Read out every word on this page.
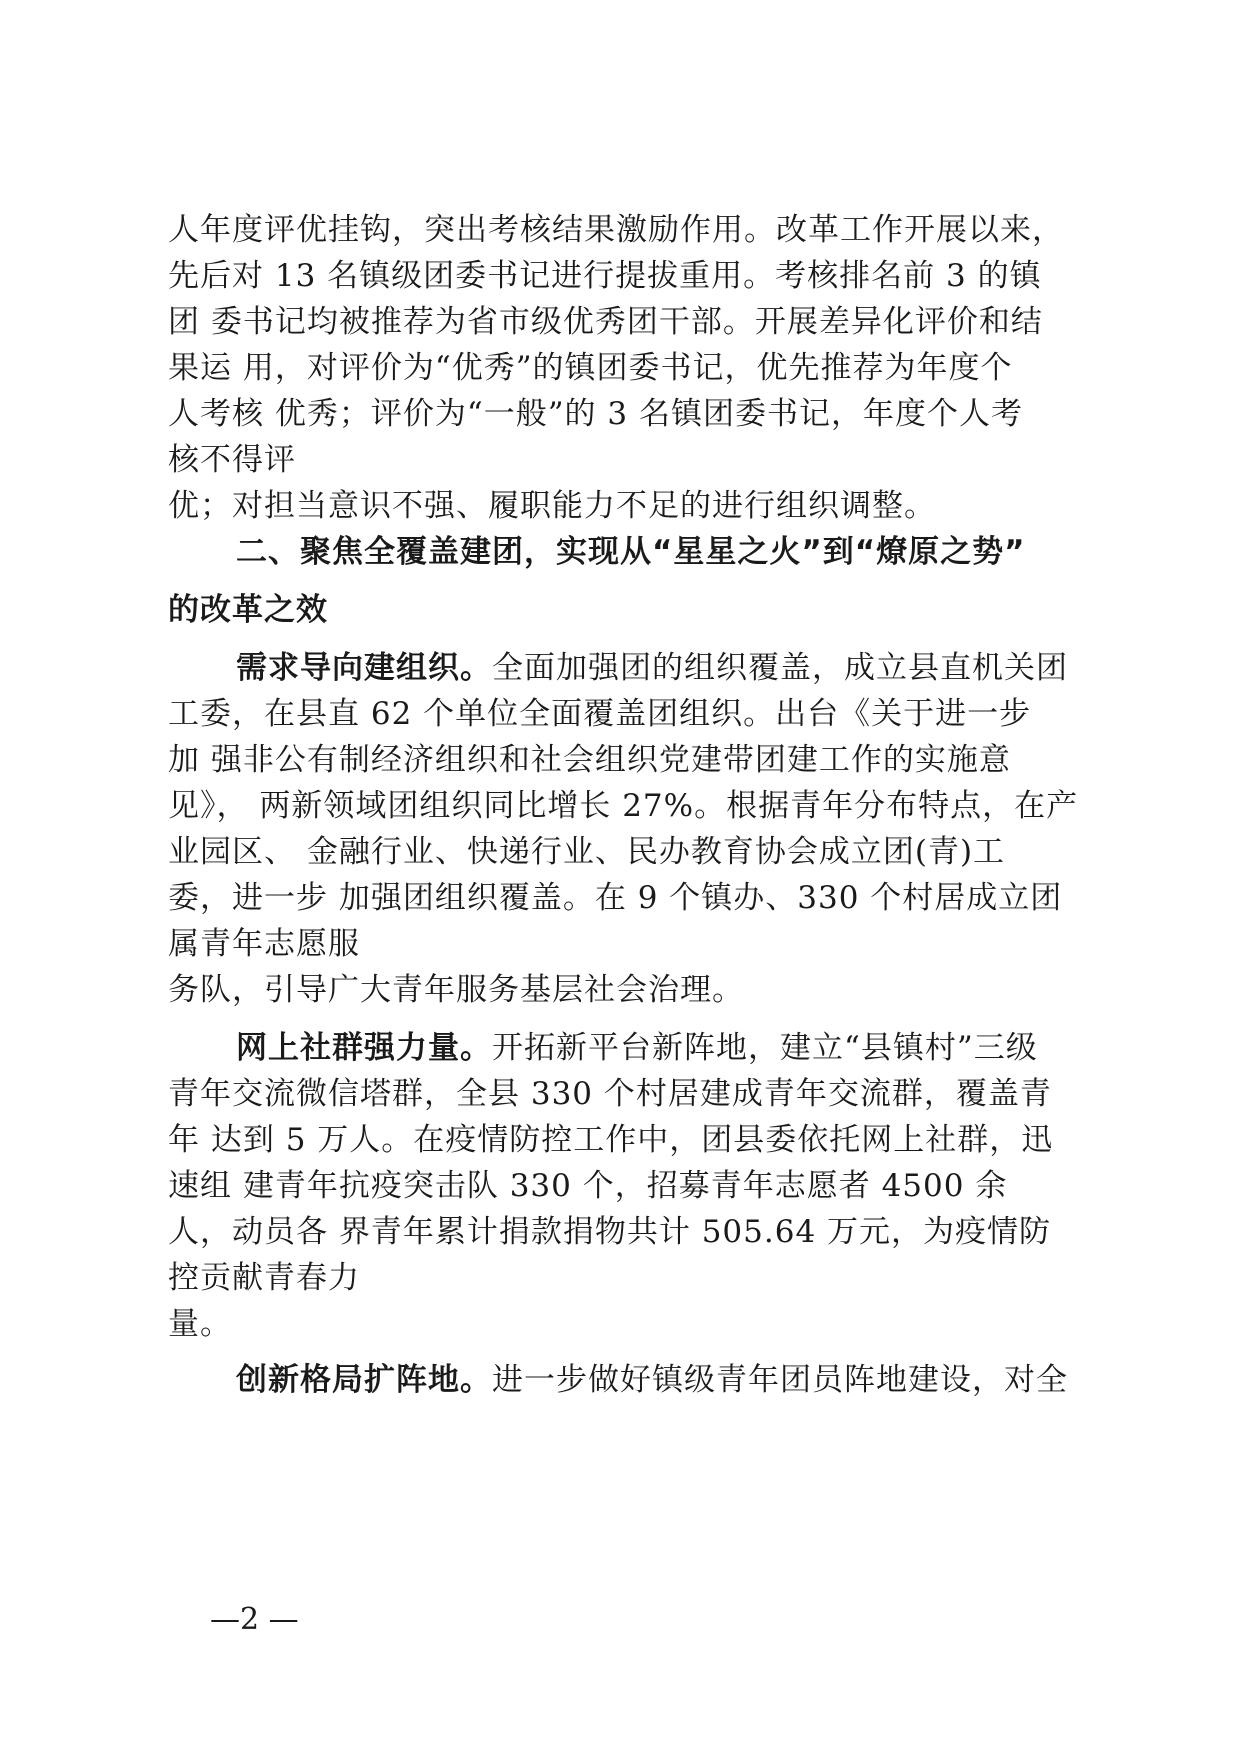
人年度评优挂钩，突出考核结果激励作用。改革工作开展以来，
先后对 13 名镇级团委书记进行提拔重用。考核排名前 3 的镇
团 委书记均被推荐为省市级优秀团干部。开展差异化评价和结
果运 用，对评价为“优秀”的镇团委书记，优先推荐为年度个
人考核 优秀；评价为“一般”的 3 名镇团委书记，年度个人考
核不得评
优；对担当意识不强、履职能力不足的进行组织调整。
二、聚焦全覆盖建团，实现从“星星之火”到“燎原之势”
的改革之效
需求导向建组织。全面加强团的组织覆盖，成立县直机关团
工委，在县直 62 个单位全面覆盖团组织。出台《关于进一步
加 强非公有制经济组织和社会组织党建带团建工作的实施意
见》， 两新领域团组织同比增长 27%。根据青年分布特点，在产
业园区、 金融行业、快递行业、民办教育协会成立团(青)工
委，进一步 加强团组织覆盖。在 9 个镇办、330 个村居成立团
属青年志愿服
务队，引导广大青年服务基层社会治理。
网上社群强力量。开拓新平台新阵地，建立“县镇村”三级
青年交流微信塔群，全县 330 个村居建成青年交流群，覆盖青
年 达到 5 万人。在疫情防控工作中，团县委依托网上社群，迅
速组 建青年抗疫突击队 330 个，招募青年志愿者 4500 余
人，动员各 界青年累计捐款捐物共计 505.64 万元，为疫情防
控贡献青春力
量。
创新格局扩阵地。进一步做好镇级青年团员阵地建设，对全
—2 —
